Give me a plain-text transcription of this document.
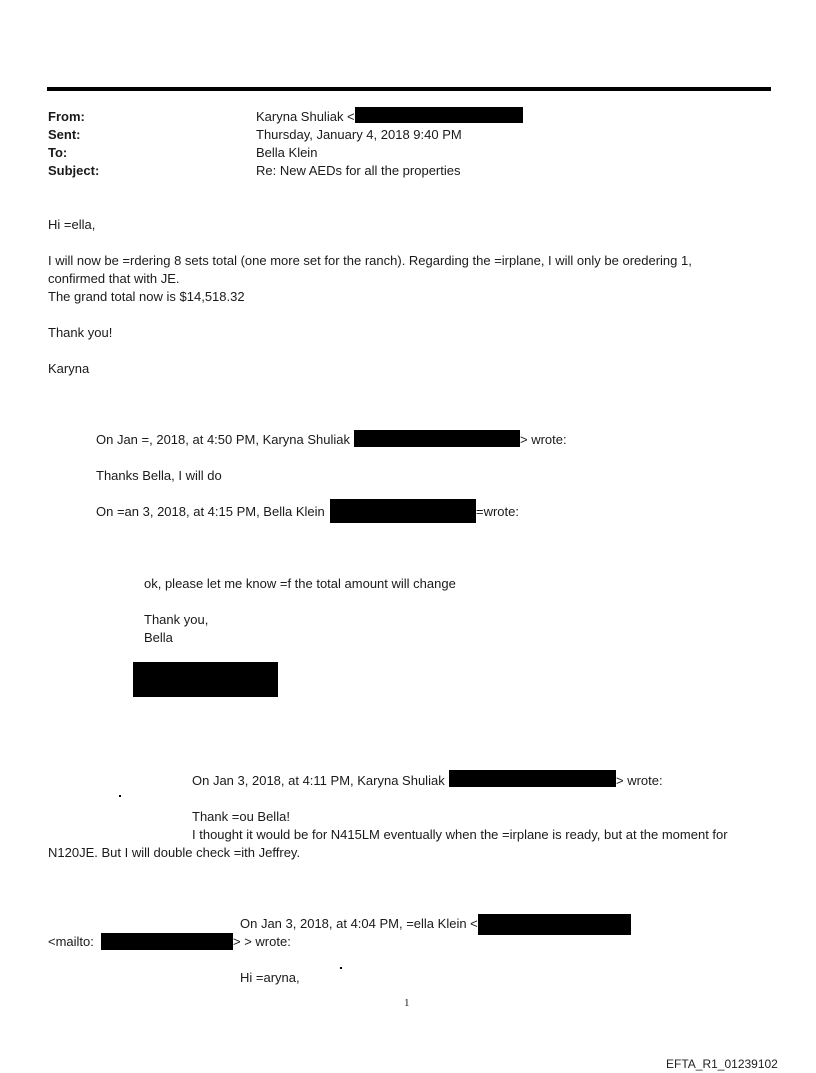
From:	Karyna Shuliak <
Sent:	Thursday, January 4, 2018 9:40 PM
To:	Bella Klein
Subject:	Re: New AEDs for all the properties
Hi =ella,
I will now be =rdering 8 sets total (one more set for the ranch). Regarding the =irplane, I will only be oredering 1,
confirmed that with JE.
The grand total now is $14,518.32
Thank you!
Karyna
On Jan =, 2018, at 4:50 PM, Karyna Shuliak	> wrote:
Thanks Bella, I will do
On =an 3, 2018, at 4:15 PM, Bella Klein	=wrote:
ok, please let me know =f the total amount will change
Thank you,
Bella
On Jan 3, 2018, at 4:11 PM, Karyna Shuliak	> wrote:
Thank =ou Bella!
I thought it would be for N415LM eventually when the =irplane is ready, but at the moment for
N120JE. But I will double check =ith Jeffrey.
On Jan 3, 2018, at 4:04 PM, =ella Klein <
<mailto:	> > wrote:
Hi =aryna,
1
EFTA_R1_01239102
